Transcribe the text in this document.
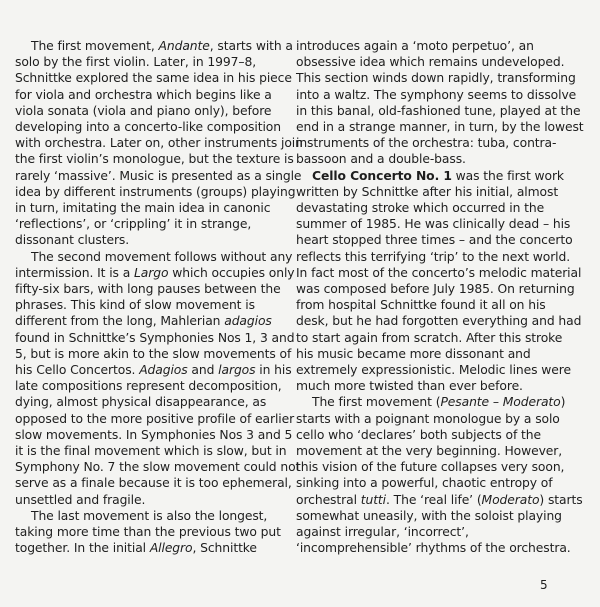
The first movement, Andante, starts with a
solo by the first violin. Later, in 1997–8,
Schnittke explored the same idea in his piece
for viola and orchestra which begins like a
viola sonata (viola and piano only), before
developing into a concerto-like composition
with orchestra. Later on, other instruments join
the first violin’s monologue, but the texture is
rarely ‘massive’. Music is presented as a single
idea by different instruments (groups) playing
in turn, imitating the main idea in canonic
‘reflections’, or ‘crippling’ it in strange,
dissonant clusters.
The second movement follows without any
intermission. It is a Largo which occupies only
fifty-six bars, with long pauses between the
phrases. This kind of slow movement is
different from the long, Mahlerian adagios
found in Schnittke’s Symphonies Nos 1, 3 and
5, but is more akin to the slow movements of
his Cello Concertos. Adagios and largos in his
late compositions represent decomposition,
dying, almost physical disappearance, as
opposed to the more positive profile of earlier
slow movements. In Symphonies Nos 3 and 5
it is the final movement which is slow, but in
Symphony No. 7 the slow movement could not
serve as a finale because it is too ephemeral,
unsettled and fragile.
The last movement is also the longest,
taking more time than the previous two put
together. In the initial Allegro, Schnittke
introduces again a ‘moto perpetuo’, an
obsessive idea which remains undeveloped.
This section winds down rapidly, transforming
into a waltz. The symphony seems to dissolve
in this banal, old-fashioned tune, played at the
end in a strange manner, in turn, by the lowest
instruments of the orchestra: tuba, contra-
bassoon and a double-bass.
Cello Concerto No. 1 was the first work
written by Schnittke after his initial, almost
devastating stroke which occurred in the
summer of 1985. He was clinically dead – his
heart stopped three times – and the concerto
reflects this terrifying ‘trip’ to the next world.
In fact most of the concerto’s melodic material
was composed before July 1985. On returning
from hospital Schnittke found it all on his
desk, but he had forgotten everything and had
to start again from scratch. After this stroke
his music became more dissonant and
extremely expressionistic. Melodic lines were
much more twisted than ever before.
The first movement (Pesante – Moderato)
starts with a poignant monologue by a solo
cello who ‘declares’ both subjects of the
movement at the very beginning. However,
this vision of the future collapses very soon,
sinking into a powerful, chaotic entropy of
orchestral tutti. The ‘real life’ (Moderato) starts
somewhat uneasily, with the soloist playing
against irregular, ‘incorrect’,
‘incomprehensible’ rhythms of the orchestra.
5
